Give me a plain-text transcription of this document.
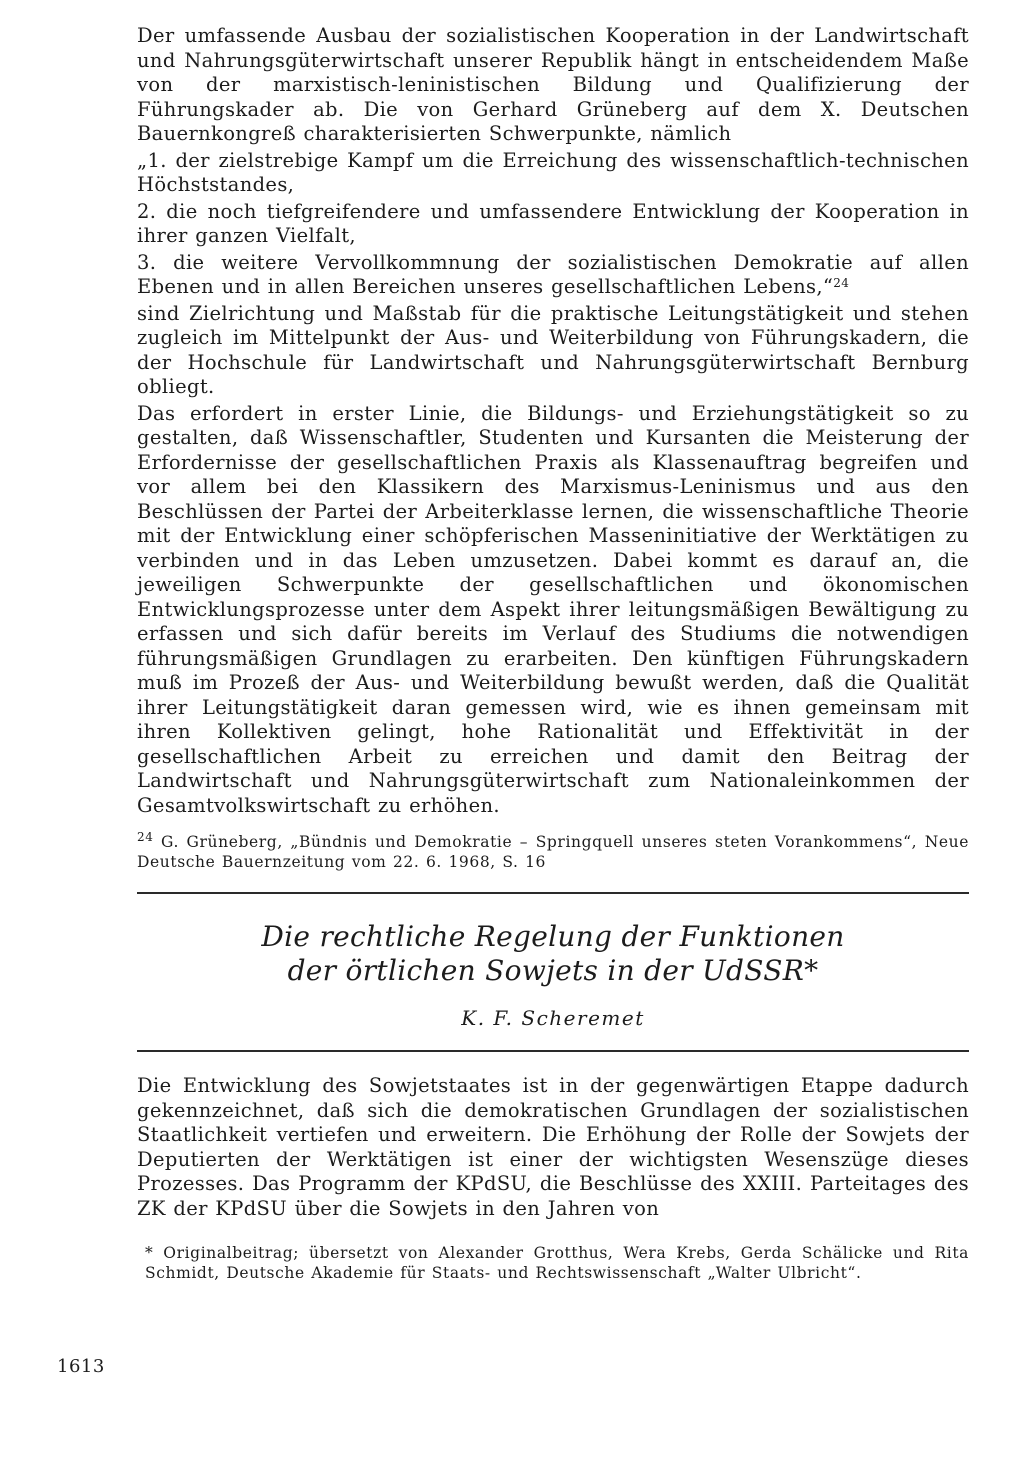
Der umfassende Ausbau der sozialistischen Kooperation in der Landwirtschaft und Nahrungsgüterwirtschaft unserer Republik hängt in entscheidendem Maße von der marxistisch-leninistischen Bildung und Qualifizierung der Führungskader ab. Die von Gerhard Grüneberg auf dem X. Deutschen Bauernkongreß charakterisierten Schwerpunkte, nämlich

„1. der zielstrebige Kampf um die Erreichung des wissenschaftlich-technischen Höchststandes,

2. die noch tiefgreifendere und umfassendere Entwicklung der Kooperation in ihrer ganzen Vielfalt,

3. die weitere Vervollkommnung der sozialistischen Demokratie auf allen Ebenen und in allen Bereichen unseres gesellschaftlichen Lebens,“$^{24}$

sind Zielrichtung und Maßstab für die praktische Leitungstätigkeit und stehen zugleich im Mittelpunkt der Aus- und Weiterbildung von Führungskadern, die der Hochschule für Landwirtschaft und Nahrungsgüterwirtschaft Bernburg obliegt.

Das erfordert in erster Linie, die Bildungs- und Erziehungstätigkeit so zu gestalten, daß Wissenschaftler, Studenten und Kursanten die Meisterung der Erfordernisse der gesellschaftlichen Praxis als Klassenauftrag begreifen und vor allem bei den Klassikern des Marxismus-Leninismus und aus den Beschlüssen der Partei der Arbeiterklasse lernen, die wissenschaftliche Theorie mit der Entwicklung einer schöpferischen Masseninitiative der Werktätigen zu verbinden und in das Leben umzusetzen. Dabei kommt es darauf an, die jeweiligen Schwerpunkte der gesellschaftlichen und ökonomischen Entwicklungsprozesse unter dem Aspekt ihrer leitungsmäßigen Bewältigung zu erfassen und sich dafür bereits im Verlauf des Studiums die notwendigen führungsmäßigen Grundlagen zu erarbeiten. Den künftigen Führungskadern muß im Prozeß der Aus- und Weiterbildung bewußt werden, daß die Qualität ihrer Leitungstätigkeit daran gemessen wird, wie es ihnen gemeinsam mit ihren Kollektiven gelingt, hohe Rationalität und Effektivität in der gesellschaftlichen Arbeit zu erreichen und damit den Beitrag der Landwirtschaft und Nahrungsgüterwirtschaft zum Nationaleinkommen der Gesamtvolkswirtschaft zu erhöhen.

$^{24}$ G. Grüneberg, „Bündnis und Demokratie – Springquell unseres steten Vorankommens“, Neue Deutsche Bauernzeitung vom 22. 6. 1968, S. 16

Die rechtliche Regelung der Funktionen
der örtlichen Sowjets in der UdSSR*
K. F. Scheremet

Die Entwicklung des Sowjetstaates ist in der gegenwärtigen Etappe dadurch gekennzeichnet, daß sich die demokratischen Grundlagen der sozialistischen Staatlichkeit vertiefen und erweitern. Die Erhöhung der Rolle der Sowjets der Deputierten der Werktätigen ist einer der wichtigsten Wesenszüge dieses Prozesses. Das Programm der KPdSU, die Beschlüsse des XXIII. Parteitages des ZK der KPdSU über die Sowjets in den Jahren von

* Originalbeitrag; übersetzt von Alexander Grotthus, Wera Krebs, Gerda Schälicke und Rita Schmidt, Deutsche Akademie für Staats- und Rechtswissenschaft „Walter Ulbricht“.

1613
